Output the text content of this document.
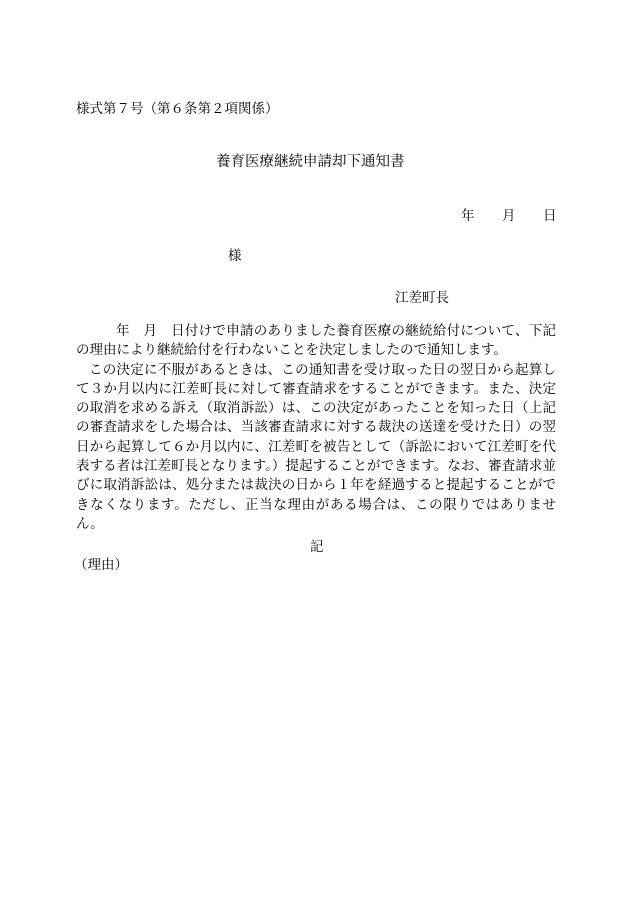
様式第７号（第６条第２項関係）
養育医療継続申請却下通知書
年 月 日
様
江差町長

年　月　日付けで申請のありました養育医療の継続給付について、下記の理由により継続給付を行わないことを決定しましたので通知します。

この決定に不服があるときは、この通知書を受け取った日の翌日から起算して３か月以内に江差町長に対して審査請求をすることができます。また、決定の取消を求める訴え（取消訴訟）は、この決定があったことを知った日（上記の審査請求をした場合は、当該審査請求に対する裁決の送達を受けた日）の翌日から起算して６か月以内に、江差町を被告として（訴訟において江差町を代表する者は江差町長となります。）提起することができます。なお、審査請求並びに取消訴訟は、処分または裁決の日から１年を経過すると提起することができなくなります。ただし、正当な理由がある場合は、この限りではありません。

記
（理由）
